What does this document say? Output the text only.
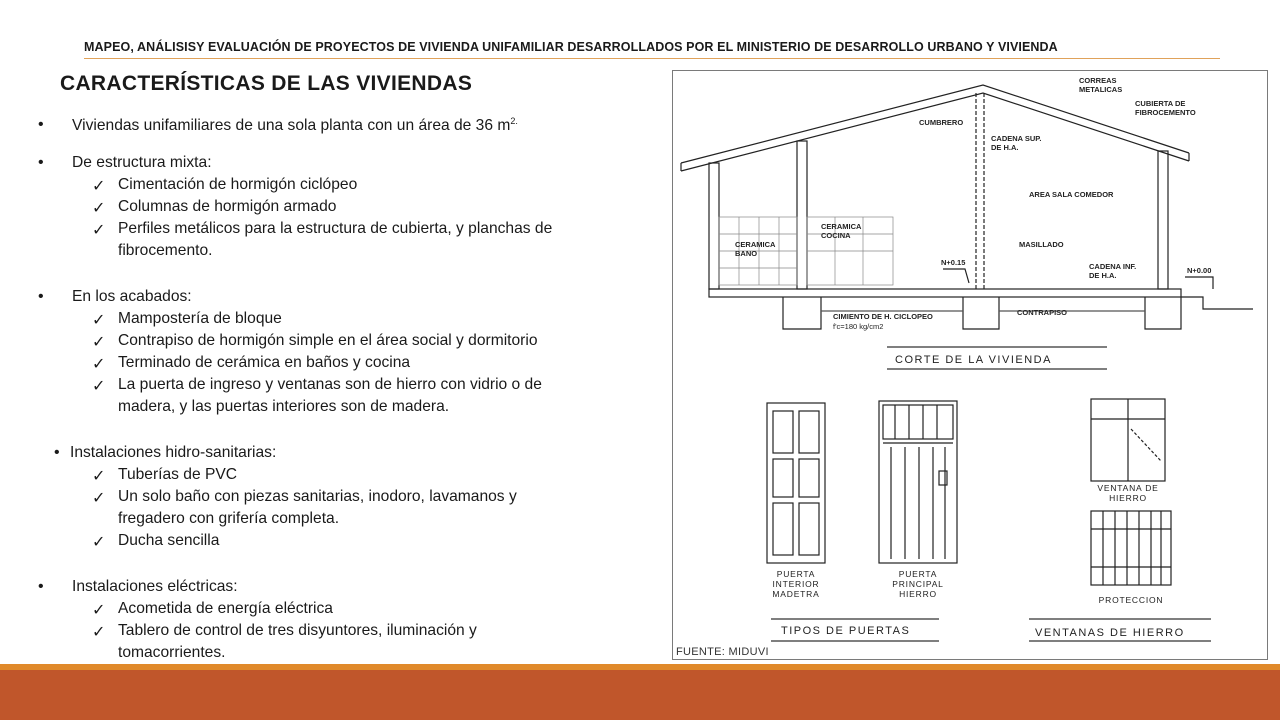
MAPEO, ANÁLISISY EVALUACIÓN DE PROYECTOS DE VIVIENDA UNIFAMILIAR DESARROLLADOS POR EL MINISTERIO DE DESARROLLO URBANO Y VIVIENDA
CARACTERÍSTICAS DE LAS VIVIENDAS
• Viviendas unifamiliares de una sola planta con un área de 36 $m^{2.}$
• De estructura mixta:
✓ Cimentación de hormigón ciclópeo
✓ Columnas de hormigón armado
✓ Perfiles metálicos para la estructura de cubierta, y planchas de
fibrocemento.
• En los acabados:
✓ Mampostería de bloque
✓ Contrapiso de hormigón simple en el área social y dormitorio
✓ Terminado de cerámica en baños y cocina
✓ La puerta de ingreso y ventanas son de hierro con vidrio o de
madera, y las puertas interiores son de madera.
• Instalaciones hidro-sanitarias:
✓ Tuberías de PVC
✓ Un solo baño con piezas sanitarias, inodoro, lavamanos y
fregadero con grifería completa.
✓ Ducha sencilla
• Instalaciones eléctricas:
✓ Acometida de energía eléctrica
✓ Tablero de control de tres disyuntores, iluminación y
tomacorrientes.
CORREAS
METALICAS
CUBIERTA DE
FIBROCEMENTO
CUMBRERO
CADENA SUP.
DE H.A.
AREA SALA COMEDOR
CERAMICA
COCINA
CERAMICA
BANO
MASILLADO
N+0.15	CADENA INF.
DE H.A.
N+0.00
CIMIENTO DE H. CICLOPEO
f'c=180 kg/cm2
CONTRAPISO
CORTE DE LA VIVIENDA
PUERTA
INTERIOR
MADETRA
PUERTA
PRINCIPAL
HIERRO
VENTANA DE
HIERRO
PROTECCION
TIPOS DE PUERTAS	VENTANAS DE HIERRO
FUENTE: MIDUVI
